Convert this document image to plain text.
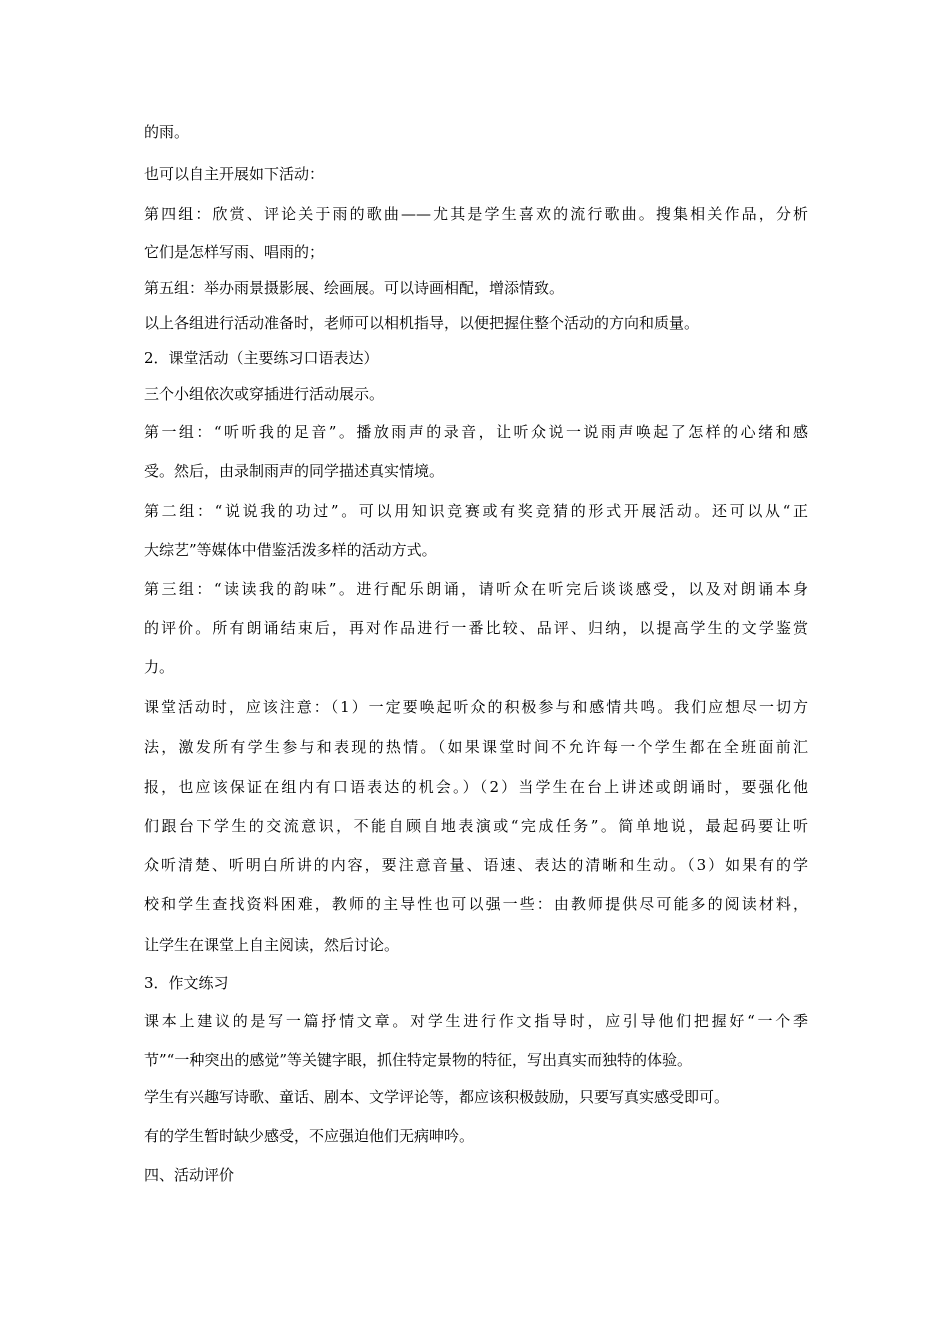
的雨。
也可以自主开展如下活动：
第四组：欣赏、评论关于雨的歌曲——尤其是学生喜欢的流行歌曲。搜集相关作品，分析
它们是怎样写雨、唱雨的；
第五组：举办雨景摄影展、绘画展。可以诗画相配，增添情致。
以上各组进行活动准备时，老师可以相机指导，以便把握住整个活动的方向和质量。
2．课堂活动（主要练习口语表达）
三个小组依次或穿插进行活动展示。
第一组：“听听我的足音”。播放雨声的录音，让听众说一说雨声唤起了怎样的心绪和感
受。然后，由录制雨声的同学描述真实情境。
第二组：“说说我的功过”。可以用知识竞赛或有奖竞猜的形式开展活动。还可以从“正
大综艺”等媒体中借鉴活泼多样的活动方式。
第三组：“读读我的韵味”。进行配乐朗诵，请听众在听完后谈谈感受，以及对朗诵本身
的评价。所有朗诵结束后，再对作品进行一番比较、品评、归纳，以提高学生的文学鉴赏
力。
课堂活动时，应该注意：（1）一定要唤起听众的积极参与和感情共鸣。我们应想尽一切方
法，激发所有学生参与和表现的热情。（如果课堂时间不允许每一个学生都在全班面前汇
报，也应该保证在组内有口语表达的机会。）（2）当学生在台上讲述或朗诵时，要强化他
们跟台下学生的交流意识，不能自顾自地表演或“完成任务”。简单地说，最起码要让听
众听清楚、听明白所讲的内容，要注意音量、语速、表达的清晰和生动。（3）如果有的学
校和学生查找资料困难，教师的主导性也可以强一些：由教师提供尽可能多的阅读材料，
让学生在课堂上自主阅读，然后讨论。
3．作文练习
课本上建议的是写一篇抒情文章。对学生进行作文指导时，应引导他们把握好“一个季
节”“一种突出的感觉”等关键字眼，抓住特定景物的特征，写出真实而独特的体验。
学生有兴趣写诗歌、童话、剧本、文学评论等，都应该积极鼓励，只要写真实感受即可。
有的学生暂时缺少感受，不应强迫他们无病呻吟。
四、活动评价
